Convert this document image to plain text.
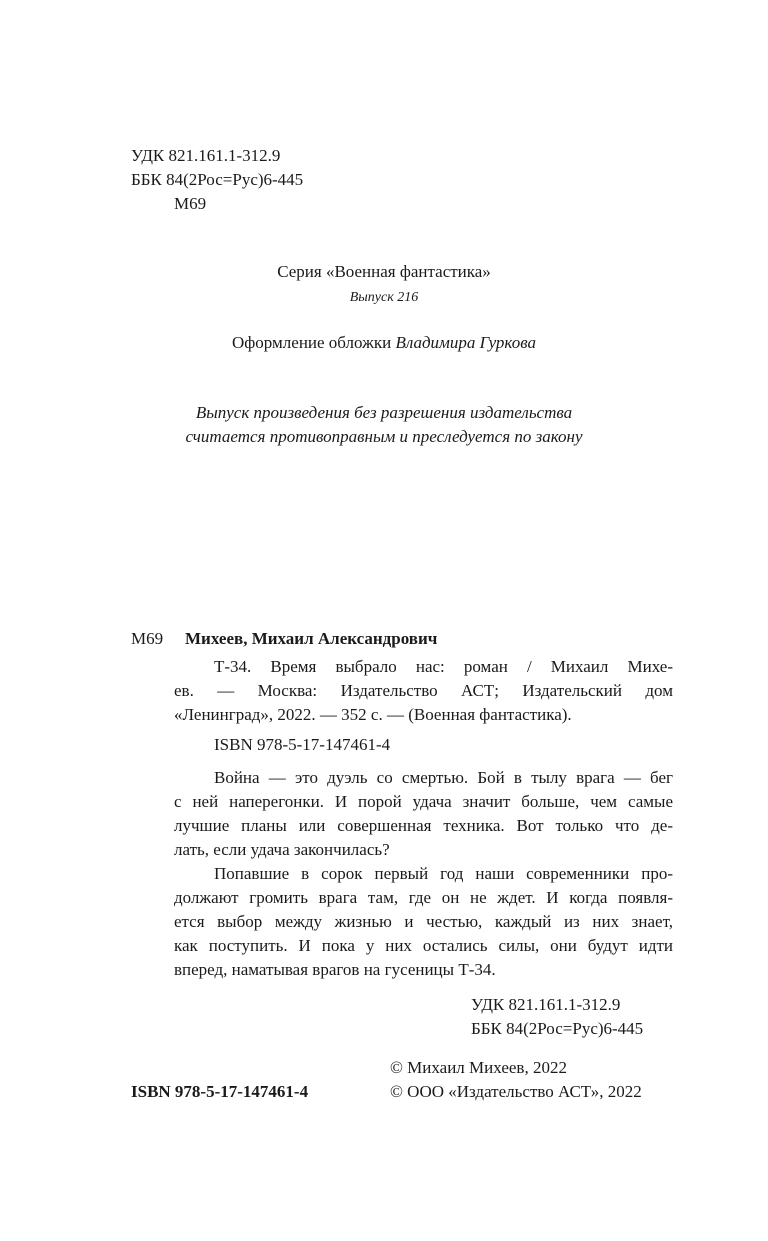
УДК 821.161.1-312.9
ББК 84(2Рос=Рус)6-445
М69
Серия «Военная фантастика»
Выпуск 216
Оформление обложки Владимира Гуркова
Выпуск произведения без разрешения издательства
считается противоправным и преследуется по закону
М69 Михеев, Михаил Александрович
Т-34. Время выбрало нас: роман / Михаил Михе-
ев. — Москва: Издательство АСТ; Издательский дом
«Ленинград», 2022. — 352 с. — (Военная фантастика).
ISBN 978-5-17-147461-4
Война — это дуэль со смертью. Бой в тылу врага — бег
с ней наперегонки. И порой удача значит больше, чем самые
лучшие планы или совершенная техника. Вот только что де-
лать, если удача закончилась?
Попавшие в сорок первый год наши современники про-
должают громить врага там, где он не ждет. И когда появля-
ется выбор между жизнью и честью, каждый из них знает,
как поступить. И пока у них остались силы, они будут идти
вперед, наматывая врагов на гусеницы Т-34.
УДК 821.161.1-312.9
ББК 84(2Рос=Рус)6-445
© Михаил Михеев, 2022
© ООО «Издательство АСТ», 2022
ISBN 978-5-17-147461-4
